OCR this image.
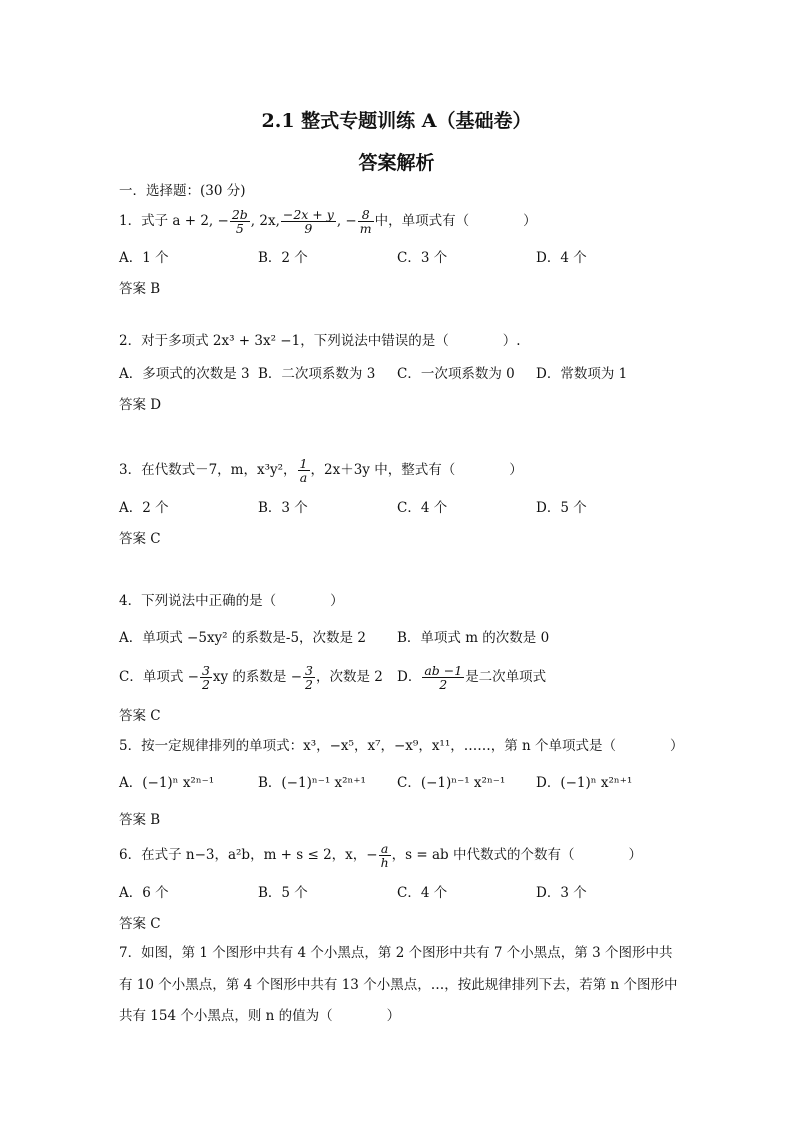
2.1 整式专题训练 A（基础卷）
答案解析
一．选择题：(30 分)
1．式子 a + 2, − $\frac{2b}{5}$ , 2x, $\frac{-2x + y}{9}$ , − $\frac{8}{m}$ 中，单项式有（　　　　）
A．1 个	B．2 个	C．3 个	D．4 个
答案 B
2．对于多项式 2x³ + 3x² −1，下列说法中错误的是（　　　　）.
A．多项式的次数是 3 B．二次项系数为 3 C．一次项系数为 0 D．常数项为 1
答案 D
3．在代数式－7，m，x³y²， $\frac{1}{a}$ ，2x＋3y 中，整式有（　　　　）
A．2 个	B．3 个	C．4 个	D．5 个
答案 C
4．下列说法中正确的是（　　　　）
A．单项式 −5xy² 的系数是-5，次数是 2 B．单项式 m 的次数是 0
C．单项式 − $\frac{3}{2}$ xy 的系数是 − $\frac{3}{2}$ ，次数是 2 D． $\frac{ab -1}{2}$ 是二次单项式
答案 C
5．按一定规律排列的单项式：x³，−x⁵，x⁷，−x⁹，x¹¹，……，第 n 个单项式是（　　　　）
A．(−1)ⁿ x²ⁿ⁻¹	B．(−1)ⁿ⁻¹ x²ⁿ⁺¹ C．(−1)ⁿ⁻¹ x²ⁿ⁻¹ D．(−1)ⁿ x²ⁿ⁺¹
答案 B
6．在式子 n−3，a²b，m + s ≤ 2，x，− $\frac{a}{h}$ ，s = ab 中代数式的个数有（　　　　）
A．6 个	B．5 个	C．4 个	D．3 个
答案 C
7．如图，第 1 个图形中共有 4 个小黑点，第 2 个图形中共有 7 个小黑点，第 3 个图形中共
有 10 个小黑点，第 4 个图形中共有 13 个小黑点，…，按此规律排列下去，若第 n 个图形中
共有 154 个小黑点，则 n 的值为（　　　　）
